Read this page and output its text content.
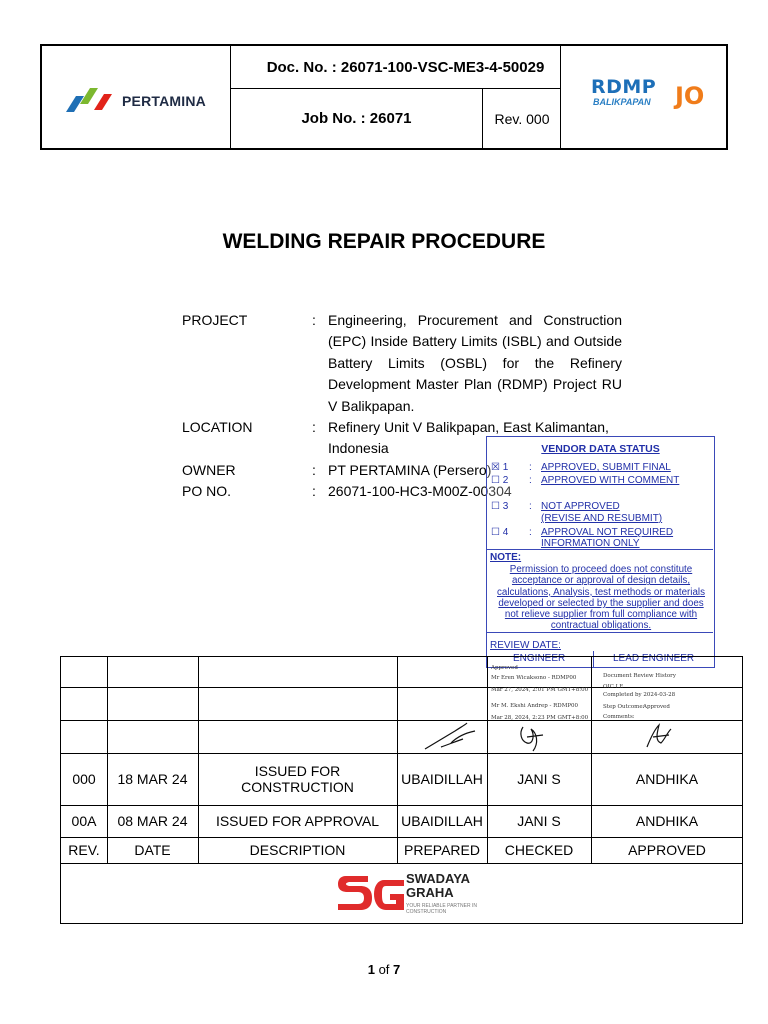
PERTAMINA
Doc. No. : 26071-100-VSC-ME3-4-50029
Job No. : 26071	Rev. 000
RDMP
BALIKPAPAN JO
WELDING REPAIR PROCEDURE
PROJECT	: Engineering, Procurement and Construction (EPC) Inside Battery Limits (ISBL) and Outside Battery Limits (OSBL) for the Refinery Development Master Plan (RDMP) Project RU V Balikpapan.
LOCATION	: Refinery Unit V Balikpapan, East Kalimantan, Indonesia
OWNER	: PT PERTAMINA (Persero)
PO NO.	: 26071-100-HC3-M00Z-00304
VENDOR DATA STATUS
☒ 1 : APPROVED, SUBMIT FINAL
☐ 2 : APPROVED WITH COMMENT
☐ 3 : NOT APPROVED
(REVISE AND RESUBMIT)
☐ 4 : APPROVAL NOT REQUIRED
INFORMATION ONLY
NOTE:
Permission to proceed does not constitute acceptance or approval of design details, calculations, Analysis, test methods or materials developed or selected by the supplier and does not relieve supplier from full compliance with contractual obligations.
REVIEW DATE:
ENGINEER	LEAD ENGINEER
Approved
Mr Eren Wicaksono - RDMP00
Mar 27, 2024, 2:01 PM GMT+8:00
Mr M. Ekshi Andrep - RDMP00
Mar 28, 2024, 2:23 PM GMT+8:00
Document Review History
OIC LE
Completed by 2024-03-28
Step Outcome:
Approved
Comments:
000	18 MAR 24	ISSUED FOR CONSTRUCTION	UBAIDILLAH	JANI S	ANDHIKA
00A	08 MAR 24	ISSUED FOR APPROVAL	UBAIDILLAH	JANI S	ANDHIKA
REV.	DATE	DESCRIPTION	PREPARED	CHECKED	APPROVED
SWADAYA
GRAHA
YOUR RELIABLE PARTNER IN CONSTRUCTION
1 of 7
